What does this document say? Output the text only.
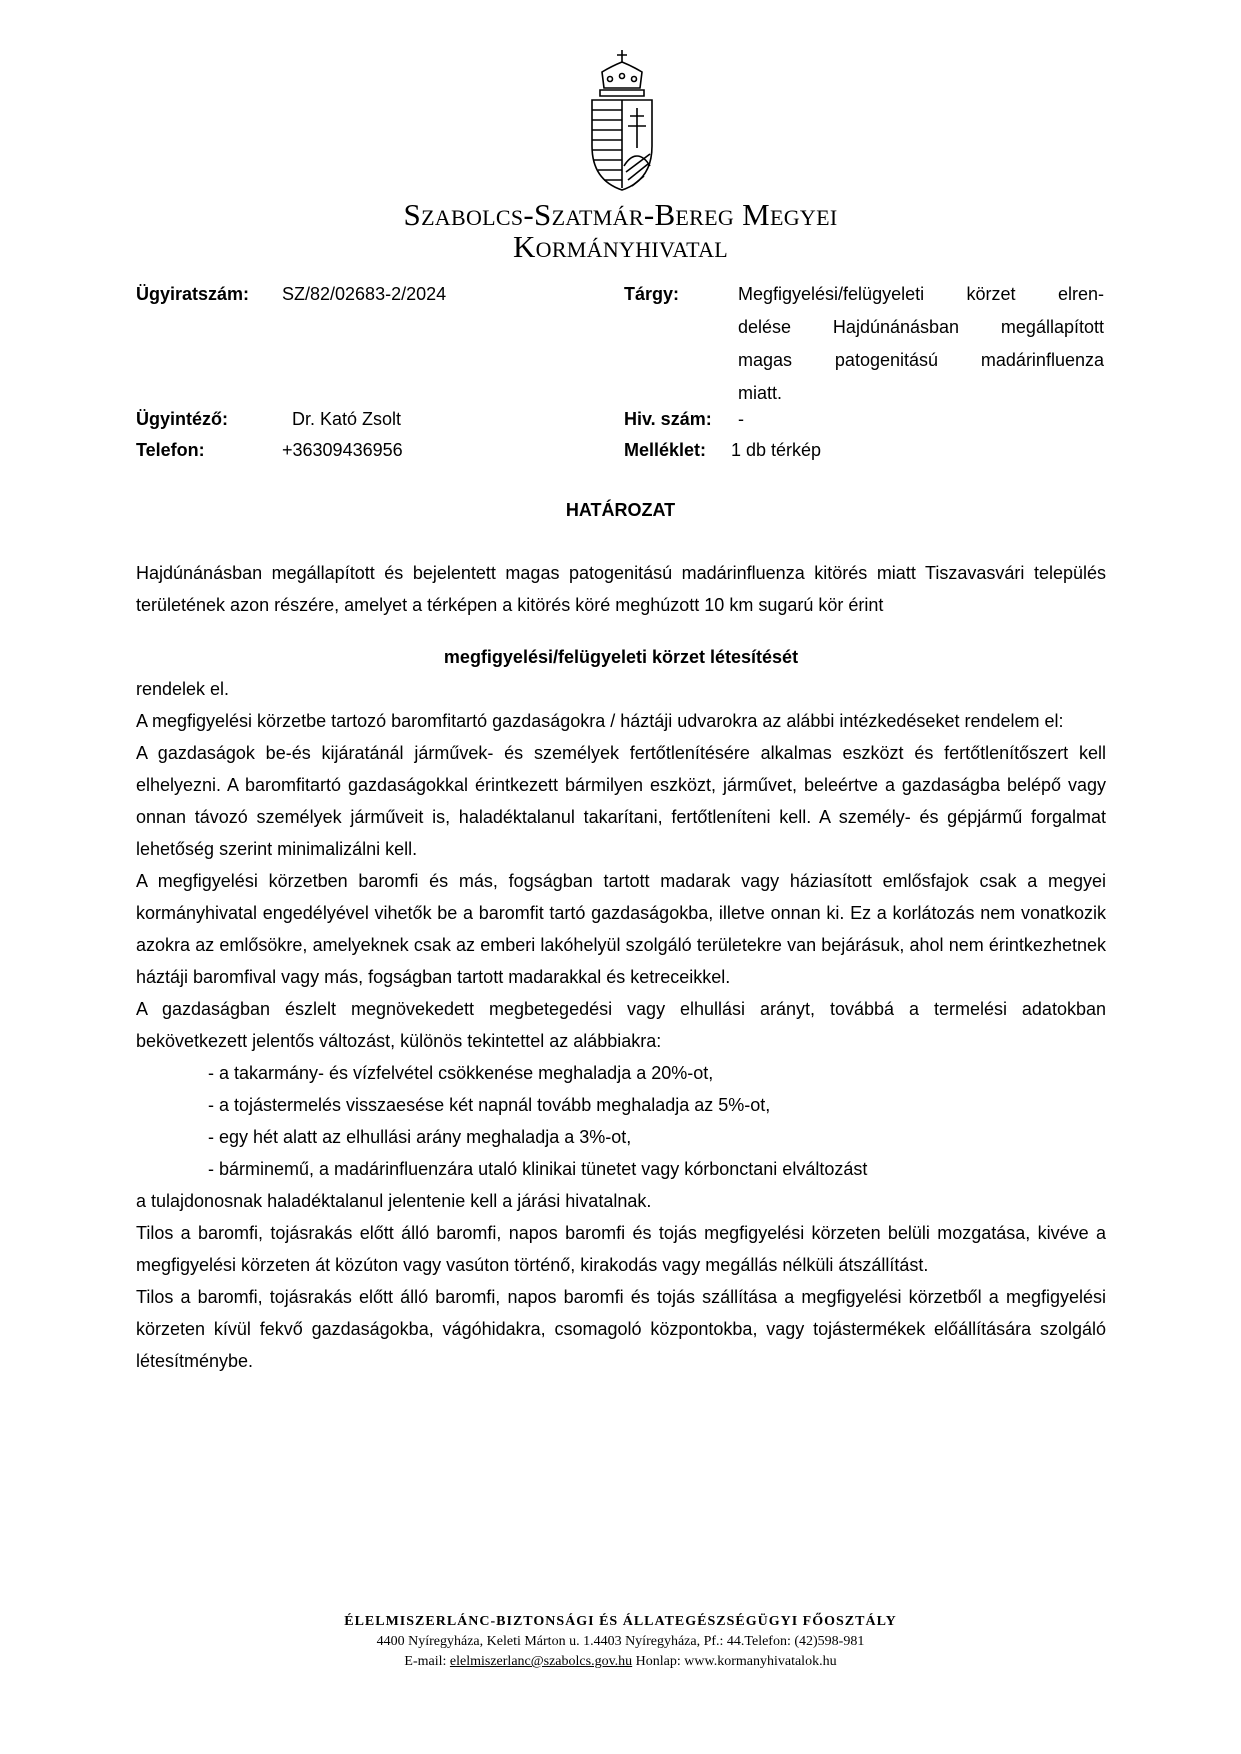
Szabolcs-Szatmár-Bereg Megyei
Kormányhivatal
Ügyiratszám: SZ/82/02683-2/2024
Ügyintéző:	Dr. Kató Zsolt
Telefon:	+36309436956
Tárgy:	Megfigyelési/felügyeleti körzet elren-
delése Hajdúnánásban megállapított
magas patogenitású madárinfluenza
miatt.
Hiv. szám: -
Melléklet: 1 db térkép
HATÁROZAT

Hajdúnánásban megállapított és bejelentett magas patogenitású madárinfluenza kitörés miatt Tiszavasvári település területének azon részére, amelyet a térképen a kitörés köré meghúzott 10 km sugarú kör érint

megfigyelési/felügyeleti körzet létesítését

rendelek el.

A megfigyelési körzetbe tartozó baromfitartó gazdaságokra / háztáji udvarokra az alábbi intézkedéseket rendelem el:

A gazdaságok be-és kijáratánál járművek- és személyek fertőtlenítésére alkalmas eszközt és fertőtlenítőszert kell elhelyezni. A baromfitartó gazdaságokkal érintkezett bármilyen eszközt, járművet, beleértve a gazdaságba belépő vagy onnan távozó személyek járműveit is, haladéktalanul takarítani, fertőtleníteni kell. A személy- és gépjármű forgalmat lehetőség szerint minimalizálni kell.

A megfigyelési körzetben baromfi és más, fogságban tartott madarak vagy háziasított emlősfajok csak a megyei kormányhivatal engedélyével vihetők be a baromfit tartó gazdaságokba, illetve onnan ki. Ez a korlátozás nem vonatkozik azokra az emlősökre, amelyeknek csak az emberi lakóhelyül szolgáló területekre van bejárásuk, ahol nem érintkezhetnek háztáji baromfival vagy más, fogságban tartott madarakkal és ketreceikkel.

A gazdaságban észlelt megnövekedett megbetegedési vagy elhullási arányt, továbbá a termelési adatokban bekövetkezett jelentős változást, különös tekintettel az alábbiakra:

- a takarmány- és vízfelvétel csökkenése meghaladja a 20%-ot,
- a tojástermelés visszaesése két napnál tovább meghaladja az 5%-ot,
- egy hét alatt az elhullási arány meghaladja a 3%-ot,
- bárminemű, a madárinfluenzára utaló klinikai tünetet vagy kórbonctani elváltozást

a tulajdonosnak haladéktalanul jelentenie kell a járási hivatalnak.

Tilos a baromfi, tojásrakás előtt álló baromfi, napos baromfi és tojás megfigyelési körzeten belüli mozgatása, kivéve a megfigyelési körzeten át közúton vagy vasúton történő, kirakodás vagy megállás nélküli átszállítást.

Tilos a baromfi, tojásrakás előtt álló baromfi, napos baromfi és tojás szállítása a megfigyelési körzetből a megfigyelési körzeten kívül fekvő gazdaságokba, vágóhidakra, csomagoló központokba, vagy tojástermékek előállítására szolgáló létesítménybe.

ÉLELMISZERLÁNC-BIZTONSÁGI ÉS ÁLLATEGÉSZSÉGÜGYI FŐOSZTÁLY
4400 Nyíregyháza, Keleti Márton u. 1.4403 Nyíregyháza, Pf.: 44.Telefon: (42)598-981
E-mail: elelmiszerlanc@szabolcs.gov.hu Honlap: www.kormanyhivatalok.hu
